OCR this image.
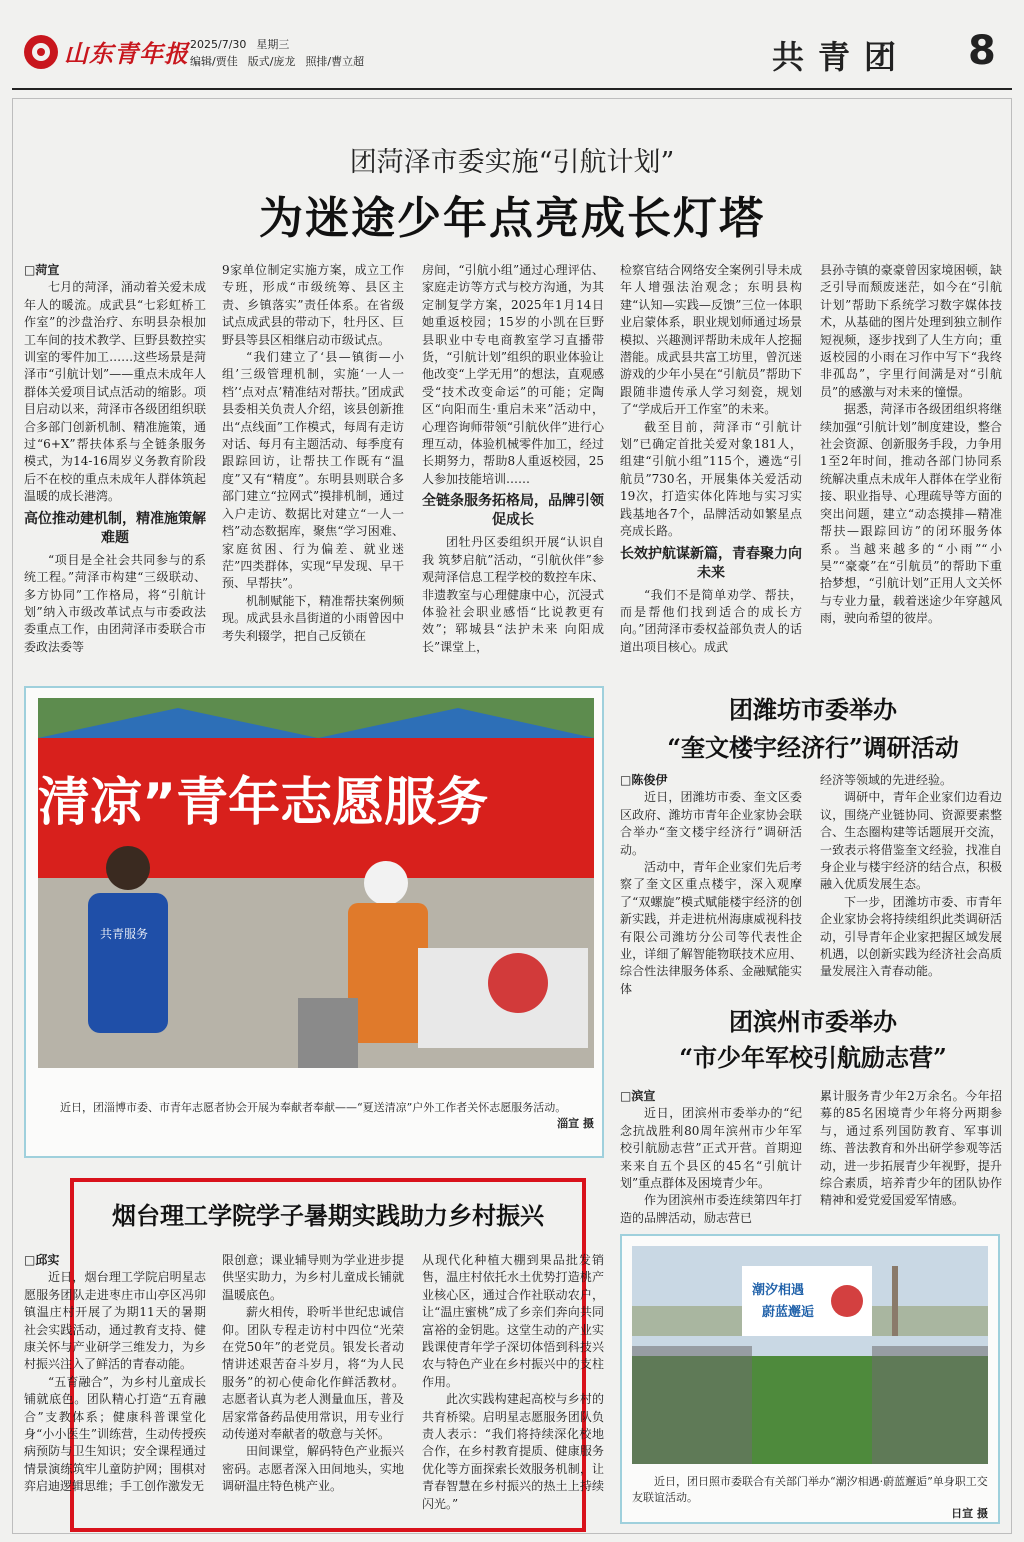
山东青年报 2025/7/30 星期三
编辑/贾佳 版式/庞龙 照排/曹立超	共青团 8
团菏泽市委实施“引航计划”
为迷途少年点亮成长灯塔

□菏宣

七月的菏泽，涌动着关爱未成年人的暖流。成武县“七彩虹桥工作室”的沙盘治疗、东明县杂根加工车间的技术教学、巨野县数控实训室的零件加工……这些场景是菏泽市“引航计划”——重点未成年人群体关爱项目试点活动的缩影。项目启动以来，菏泽市各级团组织联合多部门创新机制、精准施策，通过“6+X”帮扶体系与全链条服务模式，为14-16周岁义务教育阶段后不在校的重点未成年人群体筑起温暖的成长港湾。

高位推动建机制，精准施策解难题

“项目是全社会共同参与的系统工程。”菏泽市构建“三级联动、多方协同”工作格局，将“引航计划”纳入市级改革试点与市委政法委重点工作，由团菏泽市委联合市委政法委等

9家单位制定实施方案，成立工作专班，形成“市级统筹、县区主责、乡镇落实”责任体系。在省级试点成武县的带动下，牡丹区、巨野县等县区相继启动市级试点。

“我们建立了‘县—镇街—小组’三级管理机制，实施‘一人一档’‘点对点’精准结对帮扶。”团成武县委相关负责人介绍，该县创新推出“点线面”工作模式，每周有走访对话、每月有主题活动、每季度有跟踪回访，让帮扶工作既有“温度”又有“精度”。东明县则联合多部门建立“拉网式”摸排机制，通过入户走访、数据比对建立“一人一档”动态数据库，聚焦“学习困难、家庭贫困、行为偏差、就业迷茫”四类群体，实现“早发现、早干预、早帮扶”。

机制赋能下，精准帮扶案例频现。成武县永昌街道的小雨曾因中考失利辍学，把自己反锁在

房间，“引航小组”通过心理评估、家庭走访等方式与校方沟通，为其定制复学方案，2025年1月14日她重返校园；15岁的小凯在巨野县职业中专电商教室学习直播带货，“引航计划”组织的职业体验让他改变“上学无用”的想法，直观感受“技术改变命运”的可能；定陶区“向阳而生·重启未来”活动中，心理咨询师带领“引航伙伴”进行心理互动，体验机械零件加工，经过长期努力，帮助8人重返校园，25人参加技能培训……

全链条服务拓格局，品牌引领促成长

团牡丹区委组织开展“认识自我 筑梦启航”活动，“引航伙伴”参观菏泽信息工程学校的数控车床、非遗教室与心理健康中心，沉浸式体验社会职业感悟“比说教更有效”；郓城县“法护未来 向阳成长”课堂上，

检察官结合网络安全案例引导未成年人增强法治观念；东明县构建“认知—实践—反馈”三位一体职业启蒙体系，职业规划师通过场景模拟、兴趣测评帮助未成年人挖掘潜能。成武县共富工坊里，曾沉迷游戏的少年小昊在“引航员”帮助下跟随非遗传承人学习刻瓷，规划了“学成后开工作室”的未来。

截至目前，菏泽市“引航计划”已确定首批关爱对象181人，组建“引航小组”115个，遴选“引航员”730名，开展集体关爱活动19次，打造实体化阵地与实习实践基地各7个，品牌活动如繁星点亮成长路。

长效护航谋新篇，青春聚力向未来

“我们不是简单劝学、帮扶，而是帮他们找到适合的成长方向。”团菏泽市委权益部负责人的话道出项目核心。成武

县孙寺镇的豪豪曾因家境困顿，缺乏引导而颓废迷茫，如今在“引航计划”帮助下系统学习数字媒体技术，从基础的图片处理到独立制作短视频，逐步找到了人生方向；重返校园的小雨在习作中写下“我终非孤岛”，字里行间满是对“引航员”的感激与对未来的憧憬。

据悉，菏泽市各级团组织将继续加强“引航计划”制度建设，整合社会资源、创新服务手段，力争用1至2年时间，推动各部门协同系统解决重点未成年人群体在学业衔接、职业指导、心理疏导等方面的突出问题，建立“动态摸排—精准帮扶—跟踪回访”的闭环服务体系。当越来越多的“小雨”“小昊”“豪豪”在“引航员”的帮助下重拾梦想，“引航计划”正用人文关怀与专业力量，载着迷途少年穿越风雨，驶向希望的彼岸。

清凉”青年志愿服务
共青服务
近日，团淄博市委、市青年志愿者协会开展为奉献者奉献——“夏送清凉”户外工作者关怀志愿服务活动。
淄宣 摄
团潍坊市委举办
“奎文楼宇经济行”调研活动

□陈俊伊

近日，团潍坊市委、奎文区委区政府、潍坊市青年企业家协会联合举办“奎文楼宇经济行”调研活动。

活动中，青年企业家们先后考察了奎文区重点楼宇，深入观摩了“双螺旋”模式赋能楼宇经济的创新实践，并走进杭州海康威视科技有限公司潍坊分公司等代表性企业，详细了解智能物联技术应用、综合性法律服务体系、金融赋能实体

经济等领域的先进经验。

调研中，青年企业家们边看边议，围绕产业链协同、资源要素整合、生态圈构建等话题展开交流，一致表示将借鉴奎文经验，找准自身企业与楼宇经济的结合点，积极融入优质发展生态。

下一步，团潍坊市委、市青年企业家协会将持续组织此类调研活动，引导青年企业家把握区域发展机遇，以创新实践为经济社会高质量发展注入青春动能。

团滨州市委举办
“市少年军校引航励志营”

□滨宣

近日，团滨州市委举办的“纪念抗战胜利80周年滨州市少年军校引航励志营”正式开营。首期迎来来自五个县区的45名“引航计划”重点群体及困境青少年。

作为团滨州市委连续第四年打造的品牌活动，励志营已

累计服务青少年2万余名。今年招募的85名困境青少年将分两期参与，通过系列国防教育、军事训练、普法教育和外出研学参观等活动，进一步拓展青少年视野，提升综合素质，培养青少年的团队协作精神和爱党爱国爱军情感。

潮汐相遇
蔚蓝邂逅
近日，团日照市委联合有关部门举办“潮汐相遇·蔚蓝邂逅”单身职工交友联谊活动。
日宣 摄
烟台理工学院学子暑期实践助力乡村振兴

□邱实

近日，烟台理工学院启明星志愿服务团队走进枣庄市山亭区冯卯镇温庄村开展了为期11天的暑期社会实践活动，通过教育支持、健康关怀与产业研学三维发力，为乡村振兴注入了鲜活的青春动能。

“五育融合”，为乡村儿童成长铺就底色。团队精心打造“五育融合”支教体系；健康科普课堂化身“小小医生”训练营，生动传授疾病预防与卫生知识；安全课程通过情景演练筑牢儿童防护网；围棋对弈启迪逻辑思维；手工创作激发无

限创意；课业辅导则为学业进步提供坚实助力，为乡村儿童成长铺就温暖底色。

薪火相传，聆听半世纪忠诚信仰。团队专程走访村中四位“光荣在党50年”的老党员。银发长者动情讲述艰苦奋斗岁月，将“为人民服务”的初心使命化作鲜活教材。志愿者认真为老人测量血压，普及居家常备药品使用常识，用专业行动传递对奉献者的敬意与关怀。

田间课堂，解码特色产业振兴密码。志愿者深入田间地头，实地调研温庄特色桃产业。

从现代化种植大棚到果品批发销售，温庄村依托水土优势打造桃产业核心区，通过合作社联动农户，让“温庄蜜桃”成了乡亲们奔向共同富裕的金钥匙。这堂生动的产业实践课使青年学子深切体悟到科技兴农与特色产业在乡村振兴中的支柱作用。

此次实践构建起高校与乡村的共育桥梁。启明星志愿服务团队负责人表示：“我们将持续深化校地合作，在乡村教育提质、健康服务优化等方面探索长效服务机制，让青春智慧在乡村振兴的热土上持续闪光。”
